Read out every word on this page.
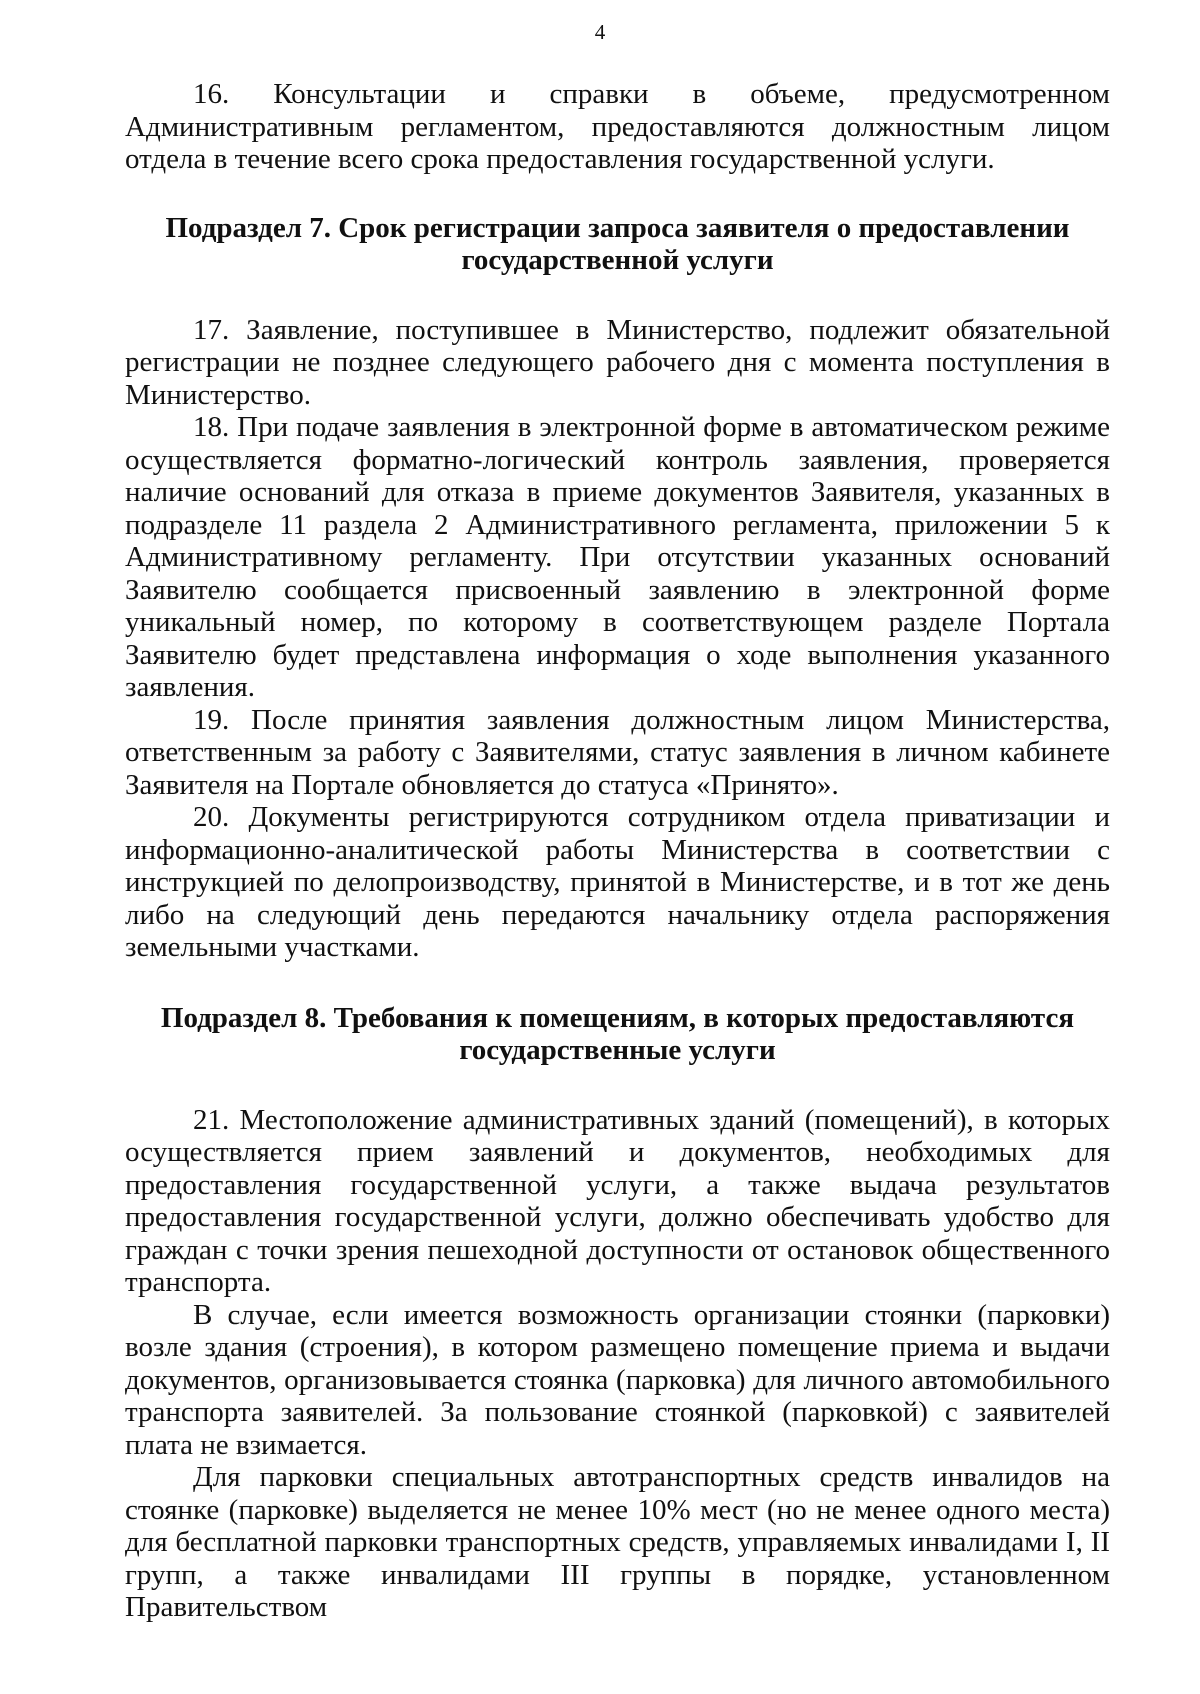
4

16. Консультации и справки в объеме, предусмотренном Административным регламентом, предоставляются должностным лицом отдела в течение всего срока предоставления государственной услуги.

Подраздел 7. Срок регистрации запроса заявителя о предоставлении
государственной услуги

17. Заявление, поступившее в Министерство, подлежит обязательной регистрации не позднее следующего рабочего дня с момента поступления в Министерство.

18. При подаче заявления в электронной форме в автоматическом режиме осуществляется форматно-логический контроль заявления, проверяется наличие оснований для отказа в приеме документов Заявителя, указанных в подразделе 11 раздела 2 Административного регламента, приложении 5 к Административному регламенту. При отсутствии указанных оснований Заявителю сообщается присвоенный заявлению в электронной форме уникальный номер, по которому в соответствующем разделе Портала Заявителю будет представлена информация о ходе выполнения указанного заявления.

19. После принятия заявления должностным лицом Министерства, ответственным за работу с Заявителями, статус заявления в личном кабинете Заявителя на Портале обновляется до статуса «Принято».

20. Документы регистрируются сотрудником отдела приватизации и информационно-аналитической работы Министерства в соответствии с инструкцией по делопроизводству, принятой в Министерстве, и в тот же день либо на следующий день передаются начальнику отдела распоряжения земельными участками.

Подраздел 8. Требования к помещениям, в которых предоставляются
государственные услуги

21. Местоположение административных зданий (помещений), в которых осуществляется прием заявлений и документов, необходимых для предоставления государственной услуги, а также выдача результатов предоставления государственной услуги, должно обеспечивать удобство для граждан с точки зрения пешеходной доступности от остановок общественного транспорта.

В случае, если имеется возможность организации стоянки (парковки) возле здания (строения), в котором размещено помещение приема и выдачи документов, организовывается стоянка (парковка) для личного автомобильного транспорта заявителей. За пользование стоянкой (парковкой) с заявителей плата не взимается.

Для парковки специальных автотранспортных средств инвалидов на стоянке (парковке) выделяется не менее 10% мест (но не менее одного места) для бесплатной парковки транспортных средств, управляемых инвалидами I, II групп, а также инвалидами III группы в порядке, установленном Правительством
